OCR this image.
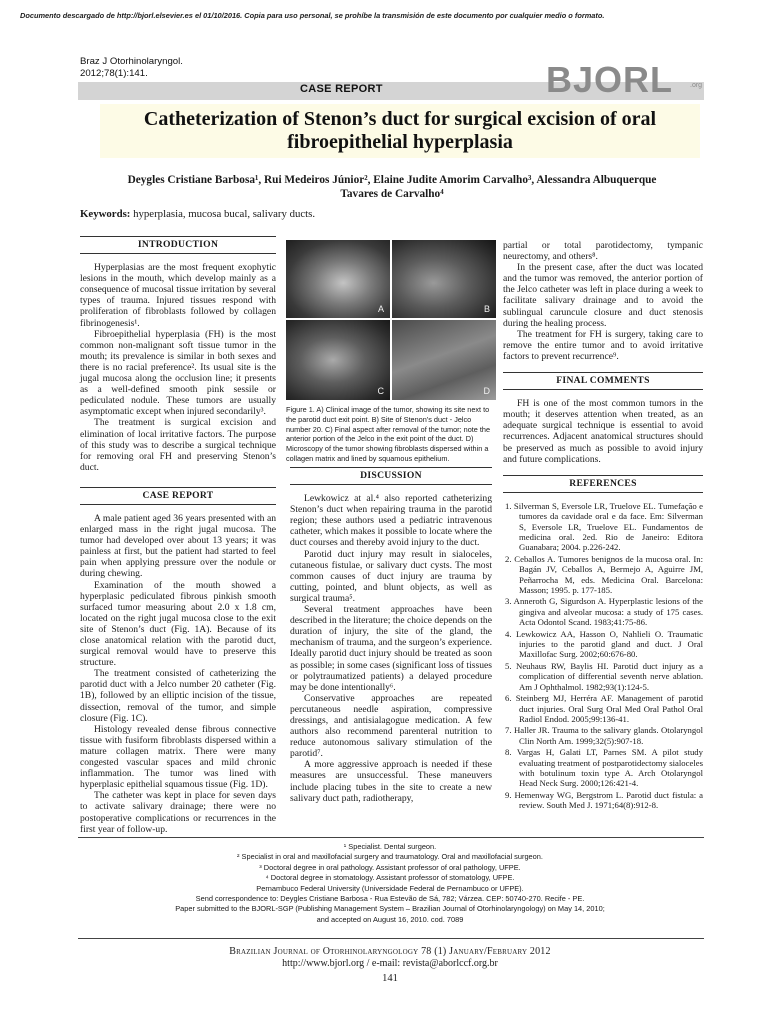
Documento descargado de http://bjorl.elsevier.es el 01/10/2016. Copia para uso personal, se prohíbe la transmisión de este documento por cualquier medio o formato.
Braz J Otorhinolaryngol.
2012;78(1):141.
CASE REPORT	BJORL .org
Catheterization of Stenon’s duct for surgical excision of oral
fibroepithelial hyperplasia
Deygles Cristiane Barbosa¹, Rui Medeiros Júnior², Elaine Judite Amorim Carvalho³, Alessandra Albuquerque
Tavares de Carvalho⁴
Keywords: hyperplasia, mucosa bucal, salivary ducts.
INTRODUCTION

Hyperplasias are the most frequent exophytic lesions in the mouth, which develop mainly as a consequence of mucosal tissue irritation by several types of trauma. Injured tissues respond with proliferation of fibroblasts followed by collagen fibrinogenesis¹.

Fibroepithelial hyperplasia (FH) is the most common non-malignant soft tissue tumor in the mouth; its prevalence is similar in both sexes and there is no racial preference². Its usual site is the jugal mucosa along the occlusion line; it presents as a well-defined smooth pink sessile or pediculated nodule. These tumors are usually asymptomatic except when injured secondarily³.

The treatment is surgical excision and elimination of local irritative factors. The purpose of this study was to describe a surgical technique for removing oral FH and preserving Stenon’s duct.

CASE REPORT

A male patient aged 36 years presented with an enlarged mass in the right jugal mucosa. The tumor had developed over about 13 years; it was painless at first, but the patient had started to feel pain when applying pressure over the nodule or during chewing.

Examination of the mouth showed a hyperplasic pediculated fibrous pinkish smooth surfaced tumor measuring about 2.0 x 1.8 cm, located on the right jugal mucosa close to the exit site of Stenon’s duct (Fig. 1A). Because of its close anatomical relation with the parotid duct, surgical removal would have to preserve this structure.

The treatment consisted of catheterizing the parotid duct with a Jelco number 20 catheter (Fig. 1B), followed by an elliptic incision of the tissue, dissection, removal of the tumor, and simple closure (Fig. 1C).

Histology revealed dense fibrous connective tissue with fusiform fibroblasts dispersed within a mature collagen matrix. There were many congested vascular spaces and mild chronic inflammation. The tumor was lined with hyperplasic epithelial squamous tissue (Fig. 1D).

The catheter was kept in place for seven days to activate salivary drainage; there were no postoperative complications or recurrences in the first year of follow-up.

A	B
C	D
Figure 1. A) Clinical image of the tumor, showing its site next to the parotid duct exit point. B) Site of Stenon’s duct - Jelco number 20. C) Final aspect after removal of the tumor; note the anterior portion of the Jelco in the exit point of the duct. D) Microscopy of the tumor showing fibroblasts dispersed within a collagen matrix and lined by squamous epithelium.
DISCUSSION

Lewkowicz at al.⁴ also reported catheterizing Stenon’s duct when repairing trauma in the parotid region; these authors used a pediatric intravenous catheter, which makes it possible to locate where the duct courses and thereby avoid injury to the duct.

Parotid duct injury may result in sialoceles, cutaneous fistulae, or salivary duct cysts. The most common causes of duct injury are trauma by cutting, pointed, and blunt objects, as well as surgical trauma⁵.

Several treatment approaches have been described in the literature; the choice depends on the duration of injury, the site of the gland, the mechanism of trauma, and the surgeon’s experience. Ideally parotid duct injury should be treated as soon as possible; in some cases (significant loss of tissues or polytraumatized patients) a delayed procedure may be done intentionally⁶.

Conservative approaches are repeated percutaneous needle aspiration, compressive dressings, and antisialagogue medication. A few authors also recommend parenteral nutrition to reduce autonomous salivary stimulation of the parotid⁷.

A more aggressive approach is needed if these measures are unsuccessful. These maneuvers include placing tubes in the site to create a new salivary duct path, radiotherapy,

partial or total parotidectomy, tympanic neurectomy, and others⁸.

In the present case, after the duct was located and the tumor was removed, the anterior portion of the Jelco catheter was left in place during a week to facilitate salivary drainage and to avoid the sublingual caruncule closure and duct stenosis during the healing process.

The treatment for FH is surgery, taking care to remove the entire tumor and to avoid irritative factors to prevent recurrence⁹.

FINAL COMMENTS

FH is one of the most common tumors in the mouth; it deserves attention when treated, as an adequate surgical technique is essential to avoid recurrences. Adjacent anatomical structures should be preserved as much as possible to avoid injury and future complications.

REFERENCES
1. Silverman S, Eversole LR, Truelove EL. Tumefação e tumores da cavidade oral e da face. Em: Silverman S, Eversole LR, Truelove EL. Fundamentos de medicina oral. 2ed. Rio de Janeiro: Editora Guanabara; 2004. p.226-242.
2. Ceballos A. Tumores benignos de la mucosa oral. In: Bagán JV, Ceballos A, Bermejo A, Aguirre JM, Peñarrocha M, eds. Medicina Oral. Barcelona: Masson; 1995. p. 177-185.
3. Anneroth G, Sigurdson A. Hyperplastic lesions of the gingiva and alveolar mucosa: a study of 175 cases. Acta Odontol Scand. 1983;41:75-86.
4. Lewkowicz AA, Hasson O, Nahlieli O. Traumatic injuries to the parotid gland and duct. J Oral Maxillofac Surg. 2002;60:676-80.
5. Neuhaus RW, Baylis HI. Parotid duct injury as a complication of differential seventh nerve ablation. Am J Ophthalmol. 1982;93(1):124-5.
6. Steinberg MJ, Herréra AF. Management of parotid duct injuries. Oral Surg Oral Med Oral Pathol Oral Radiol Endod. 2005;99:136-41.
7. Haller JR. Trauma to the salivary glands. Otolaryngol Clin North Am. 1999;32(5):907-18.
8. Vargas H, Galati LT, Parnes SM. A pilot study evaluating treatment of postparotidectomy sialoceles with botulinum toxin type A. Arch Otolaryngol Head Neck Surg. 2000;126:421-4.
9. Hemenway WG, Bergstrom L. Parotid duct fistula: a review. South Med J. 1971;64(8):912-8.
¹ Specialist. Dental surgeon.
² Specialist in oral and maxillofacial surgery and traumatology. Oral and maxillofacial surgeon.
³ Doctoral degree in oral pathology. Assistant professor of oral pathology, UFPE.
⁴ Doctoral degree in stomatology. Assistant professor of stomatology, UFPE.
Pernambuco Federal University (Universidade Federal de Pernambuco or UFPE).
Send correspondence to: Deygles Cristiane Barbosa - Rua Estevão de Sá, 782; Várzea. CEP: 50740-270. Recife - PE.
Paper submitted to the BJORL-SGP (Publishing Management System – Brazilian Journal of Otorhinolaryngology) on May 14, 2010;
and accepted on August 16, 2010. cod. 7089
Brazilian Journal of Otorhinolaryngology 78 (1) January/February 2012
http://www.bjorl.org / e-mail: revista@aborlccf.org.br
141
